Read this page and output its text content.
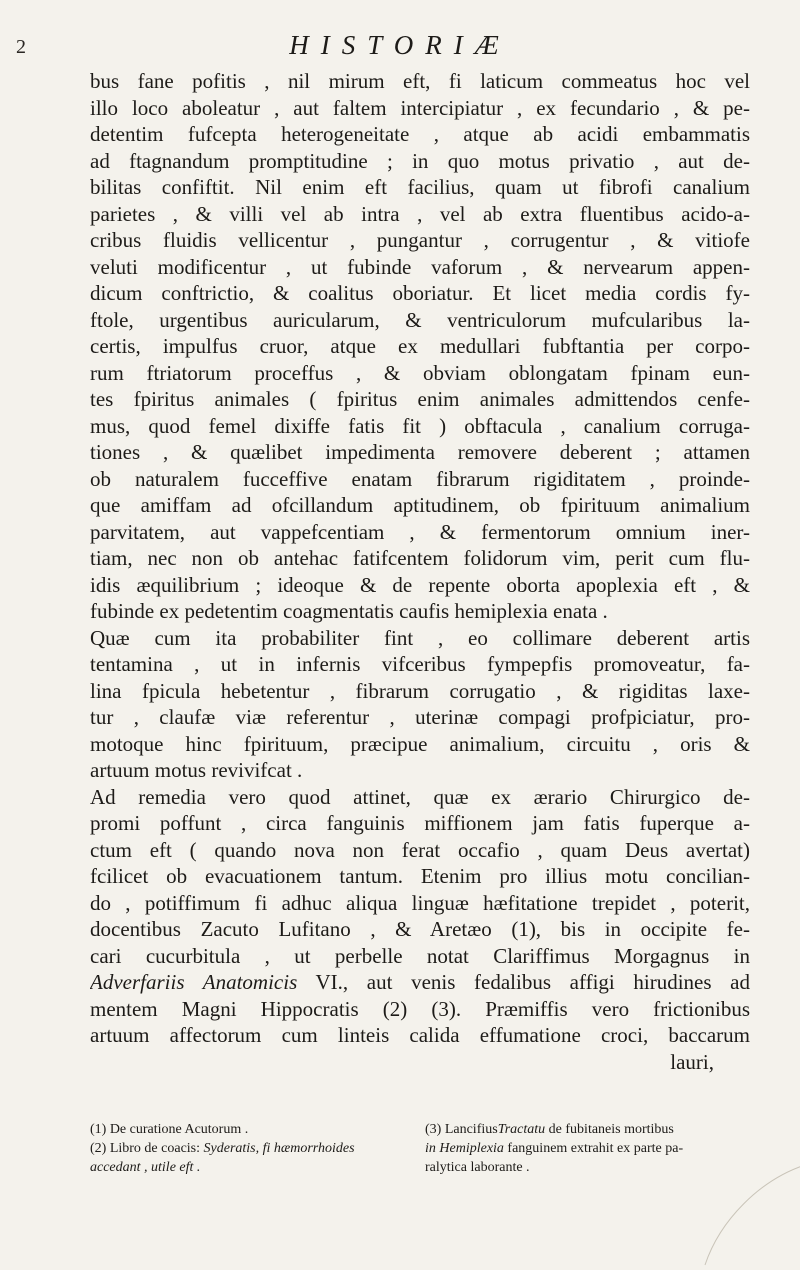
2	HISTORIÆ
bus fane pofitis , nil mirum eft, fi laticum commeatus hoc vel
illo loco aboleatur , aut faltem intercipiatur , ex fecundario , & pe-
detentim fufcepta heterogeneitate , atque ab acidi embammatis
ad ftagnandum promptitudine ; in quo motus privatio , aut de-
bilitas confiftit. Nil enim eft facilius, quam ut fibrofi canalium
parietes , & villi vel ab intra , vel ab extra fluentibus acido-a-
cribus fluidis vellicentur , pungantur , corrugentur , & vitiofe
veluti modificentur , ut fubinde vaforum , & nervearum appen-
dicum conftrictio, & coalitus oboriatur. Et licet media cordis fy-
ftole, urgentibus auricularum, & ventriculorum mufcularibus la-
certis, impulfus cruor, atque ex medullari fubftantia per corpo-
rum ftriatorum proceffus , & obviam oblongatam fpinam eun-
tes fpiritus animales ( fpiritus enim animales admittendos cenfe-
mus, quod femel dixiffe fatis fit ) obftacula , canalium corruga-
tiones , & quælibet impedimenta removere deberent ; attamen
ob naturalem fucceffive enatam fibrarum rigiditatem , proinde-
que amiffam ad ofcillandum aptitudinem, ob fpirituum animalium
parvitatem, aut vappefcentiam , & fermentorum omnium iner-
tiam, nec non ob antehac fatifcentem folidorum vim, perit cum flu-
idis æquilibrium ; ideoque & de repente oborta apoplexia eft , &
fubinde ex pedetentim coagmentatis caufis hemiplexia enata .
Quæ cum ita probabiliter fint , eo collimare deberent artis
tentamina , ut in infernis vifceribus fympepfis promoveatur, fa-
lina fpicula hebetentur , fibrarum corrugatio , & rigiditas laxe-
tur , claufæ viæ referentur , uterinæ compagi profpiciatur, pro-
motoque hinc fpirituum, præcipue animalium, circuitu , oris &
artuum motus revivifcat .
Ad remedia vero quod attinet, quæ ex ærario Chirurgico de-
promi poffunt , circa fanguinis miffionem jam fatis fuperque a-
ctum eft ( quando nova non ferat occafio , quam Deus avertat)
fcilicet ob evacuationem tantum. Etenim pro illius motu concilian-
do , potiffimum fi adhuc aliqua linguæ hæfitatione trepidet , poterit,
docentibus Zacuto Lufitano , & Aretæo (1), bis in occipite fe-
cari cucurbitula , ut perbelle notat Clariffimus Morgagnus in
Adverfariis Anatomicis VI., aut venis fedalibus affigi hirudines ad
mentem Magni Hippocratis (2) (3). Præmiffis vero frictionibus
artuum affectorum cum linteis calida effumatione croci, baccarum
lauri,
(1) De curatione Acutorum .
(2) Libro de coacis: Syderatis, fi hæmorrhoides
accedant , utile eft .
(3) LancifiusTractatu de fubitaneis mortibus
in Hemiplexia fanguinem extrahit ex parte pa-
ralytica laborante .
